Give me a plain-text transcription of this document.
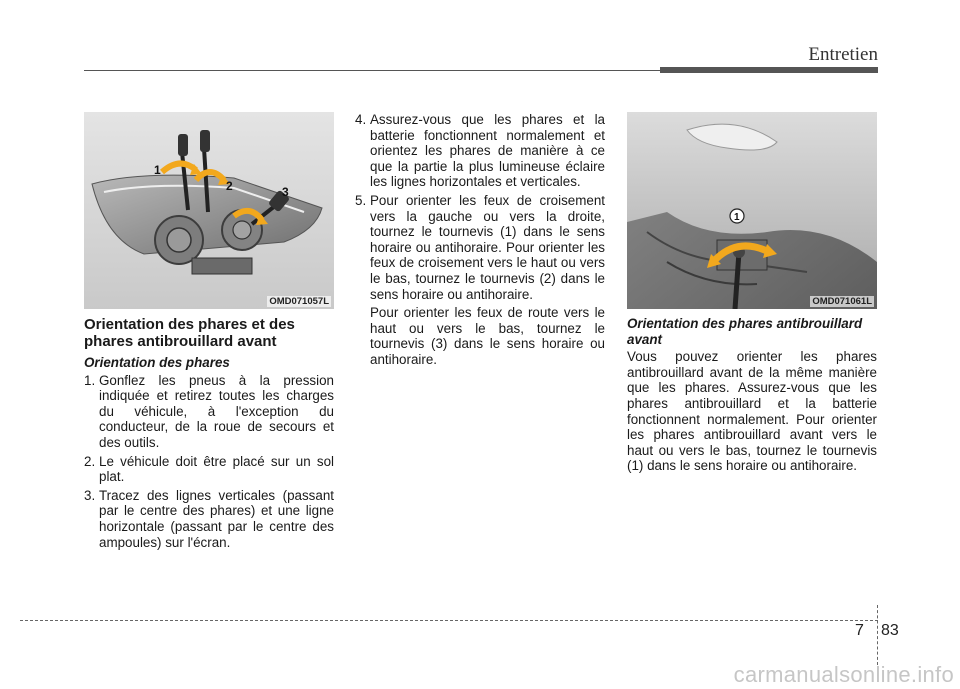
Entretien
1
2	3
OMD071057L
1
OMD071061L
Orientation des phares et des phares antibrouillard avant
Orientation des phares
1. Gonflez les pneus à la pression indiquée et retirez toutes les charges du véhicule, à l'exception du conducteur, de la roue de secours et des outils.
2. Le véhicule doit être placé sur un sol plat.
3. Tracez des lignes verticales (passant par le centre des phares) et une ligne horizontale (passant par le centre des ampoules) sur l'écran.
4. Assurez-vous que les phares et la batterie fonctionnent normalement et orientez les phares de manière à ce que la partie la plus lumineuse éclaire les lignes horizontales et verticales.
5. Pour orienter les feux de croisement vers la gauche ou vers la droite, tournez le tournevis (1) dans le sens horaire ou antihoraire. Pour orienter les feux de croisement vers le haut ou vers le bas, tournez le tournevis (2) dans le sens horaire ou antihoraire.
Pour orienter les feux de route vers le haut ou vers le bas, tournez le tournevis (3) dans le sens horaire ou antihoraire.
Orientation des phares antibrouillard avant
Vous pouvez orienter les phares antibrouillard avant de la même manière que les phares. Assurez-vous que les phares antibrouillard et la batterie fonctionnent normalement. Pour orienter les phares antibrouillard avant vers le haut ou vers le bas, tournez le tournevis (1) dans le sens horaire ou antihoraire.
7 83
carmanualsonline.info
